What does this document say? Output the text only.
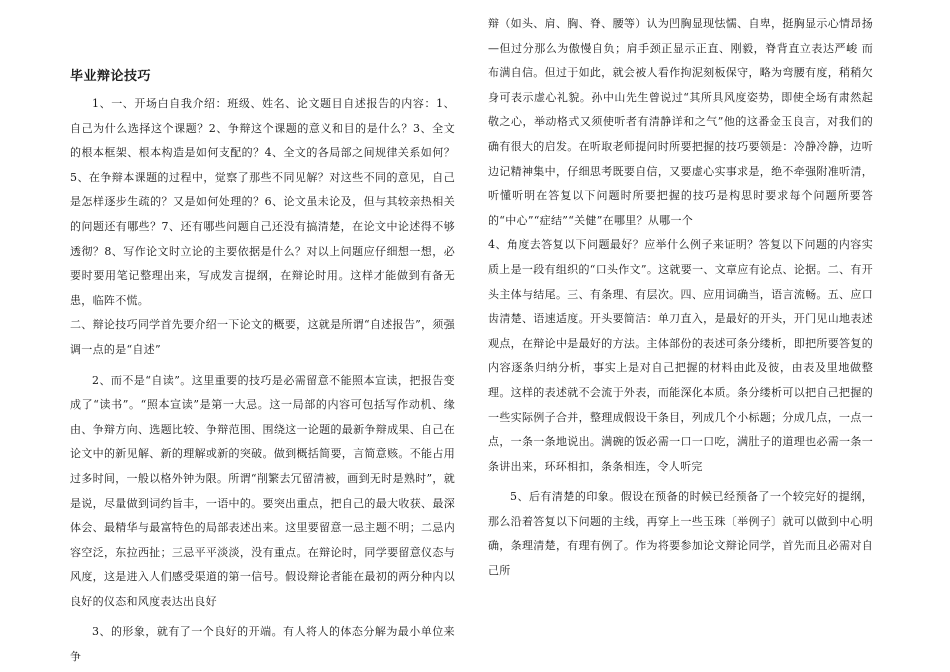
毕业辩论技巧

1、一、开场白自我介绍：班级、姓名、论文题目自述报告的内容：1、自己为什么选择这个课题？2、争辩这个课题的意义和目的是什么？3、全文的根本框架、根本构造是如何支配的？4、全文的各局部之间规律关系如何？5、在争辩本课题的过程中，觉察了那些不同见解？对这些不同的意见，自己是怎样逐步生疏的？又是如何处理的？6、论文虽未论及，但与其较亲热相关的问题还有哪些？7、还有哪些问题自己还没有搞清楚，在论文中论述得不够透彻？8、写作论文时立论的主要依据是什么？对以上问题应仔细想一想，必要时要用笔记整理出来，写成发言提纲，在辩论时用。这样才能做到有备无患，临阵不慌。

二、辩论技巧同学首先要介绍一下论文的概要，这就是所谓“自述报告”，须强调一点的是“自述”

2、而不是“自读”。这里重要的技巧是必需留意不能照本宣读，把报告变成了“读书”。“照本宣读”是第一大忌。这一局部的内容可包括写作动机、缘由、争辩方向、选题比较、争辩范围、围绕这一论题的最新争辩成果、自己在论文中的新见解、新的理解或新的突破。做到概括简要，言简意赅。不能占用过多时间，一般以格外钟为限。所谓“削繁去冗留清被，画到无时是熟时”，就是说，尽量做到词约旨丰，一语中的。要突出重点，把自己的最大收获、最深体会、最精华与最富特色的局部表述出来。这里要留意一忌主题不明；二忌内容空泛，东拉西扯；三忌平平淡淡，没有重点。在辩论时，同学要留意仪态与风度，这是进入人们感受渠道的第一信号。假设辩论者能在最初的两分种内以良好的仪态和风度表达出良好

3、的形象，就有了一个良好的开端。有人将人的体态分解为最小单位来争

辩（如头、肩、胸、脊、腰等）认为凹胸显现怯懦、自卑，挺胸显示心情昂扬—但过分那么为傲慢自负；肩手颈正显示正直、刚毅，脊背直立表达严峻 而布满自信。但过于如此，就会被人看作拘泥刻板保守，略为弯腰有度，稍稍欠身可表示虚心礼貌。孙中山先生曾说过“其所具风度姿势，即使全场有肃然起敬之心，举动格式又须使听者有清静详和之气”他的这番金玉良言，对我们的确有很大的启发。在听取老师提问时所要把握的技巧要领是：冷静冷静，边听边记精神集中，仔细思考既要自信，又要虚心实事求是，绝不牵强附准听清，听懂听明在答复以下问题时所要把握的技巧是构思时要求每个问题所要答的“中心”“症结”“关健”在哪里？从哪一个

4、角度去答复以下问题最好？应举什么例子来证明？答复以下问题的内容实质上是一段有组织的“口头作文”。这就要一、文章应有论点、论据。二、有开头主体与结尾。三、有条理、有层次。四、应用词确当，语言流畅。五、应口齿清楚、语速适度。开头要简洁：单刀直入，是最好的开头，开门见山地表述观点，在辩论中是最好的方法。主体部份的表述可条分缕析，即把所要答复的内容逐条归纳分析，事实上是对自己把握的材料由此及彼，由表及里地做整理。这样的表述就不会流于外表，而能深化本质。条分缕析可以把自己把握的一些实际例子合并，整理成假设干条目，列成几个小标题；分成几点，一点一点，一条一条地说出。满碗的饭必需一口一口吃，满肚子的道理也必需一条一条讲出来，环环相扣，条条相连，令人听完

5、后有清楚的印象。假设在预备的时候已经预备了一个较完好的提纲，那么沿着答复以下问题的主线，再穿上一些玉珠〔举例子〕就可以做到中心明确，条理清楚，有理有例了。作为将要参加论文辩论同学，首先而且必需对自己所
